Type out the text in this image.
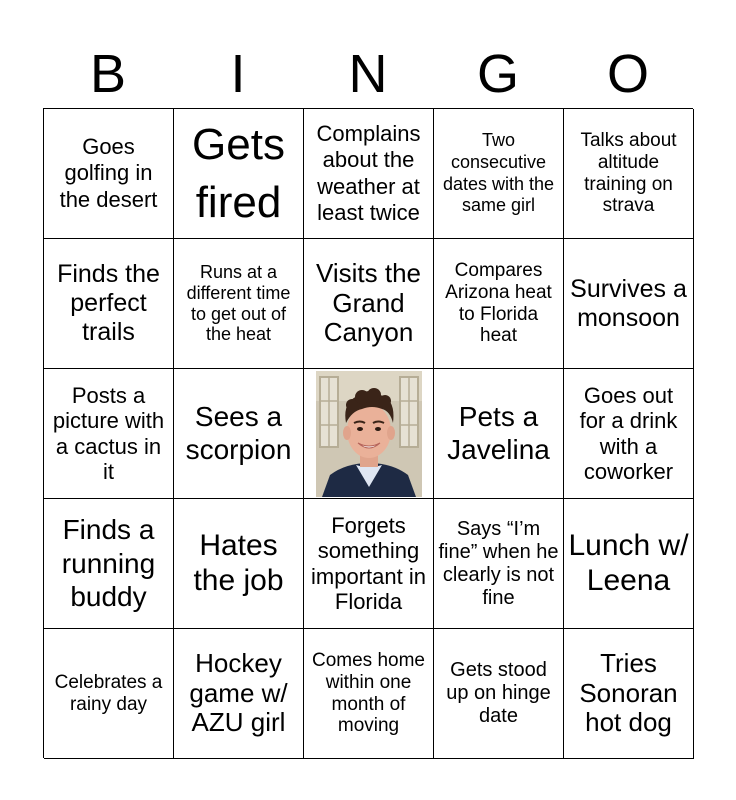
B	I	N	G	O
Goes golfing in the desert
Gets fired
Complains about the weather at least twice
Two consecutive dates with the same girl
Talks about altitude training on strava
Finds the perfect trails
Runs at a different time to get out of the heat
Visits the Grand Canyon
Compares Arizona heat to Florida heat
Survives a monsoon
Posts a picture with a cactus in it
Sees a scorpion
Pets a Javelina
Goes out for a drink with a coworker
Finds a running buddy
Hates the job
Forgets something important in Florida
Says “I’m fine” when he clearly is not fine
Lunch w/ Leena
Celebrates a rainy day
Hockey game w/ AZU girl
Comes home within one month of moving
Gets stood up on hinge date
Tries Sonoran hot dog
